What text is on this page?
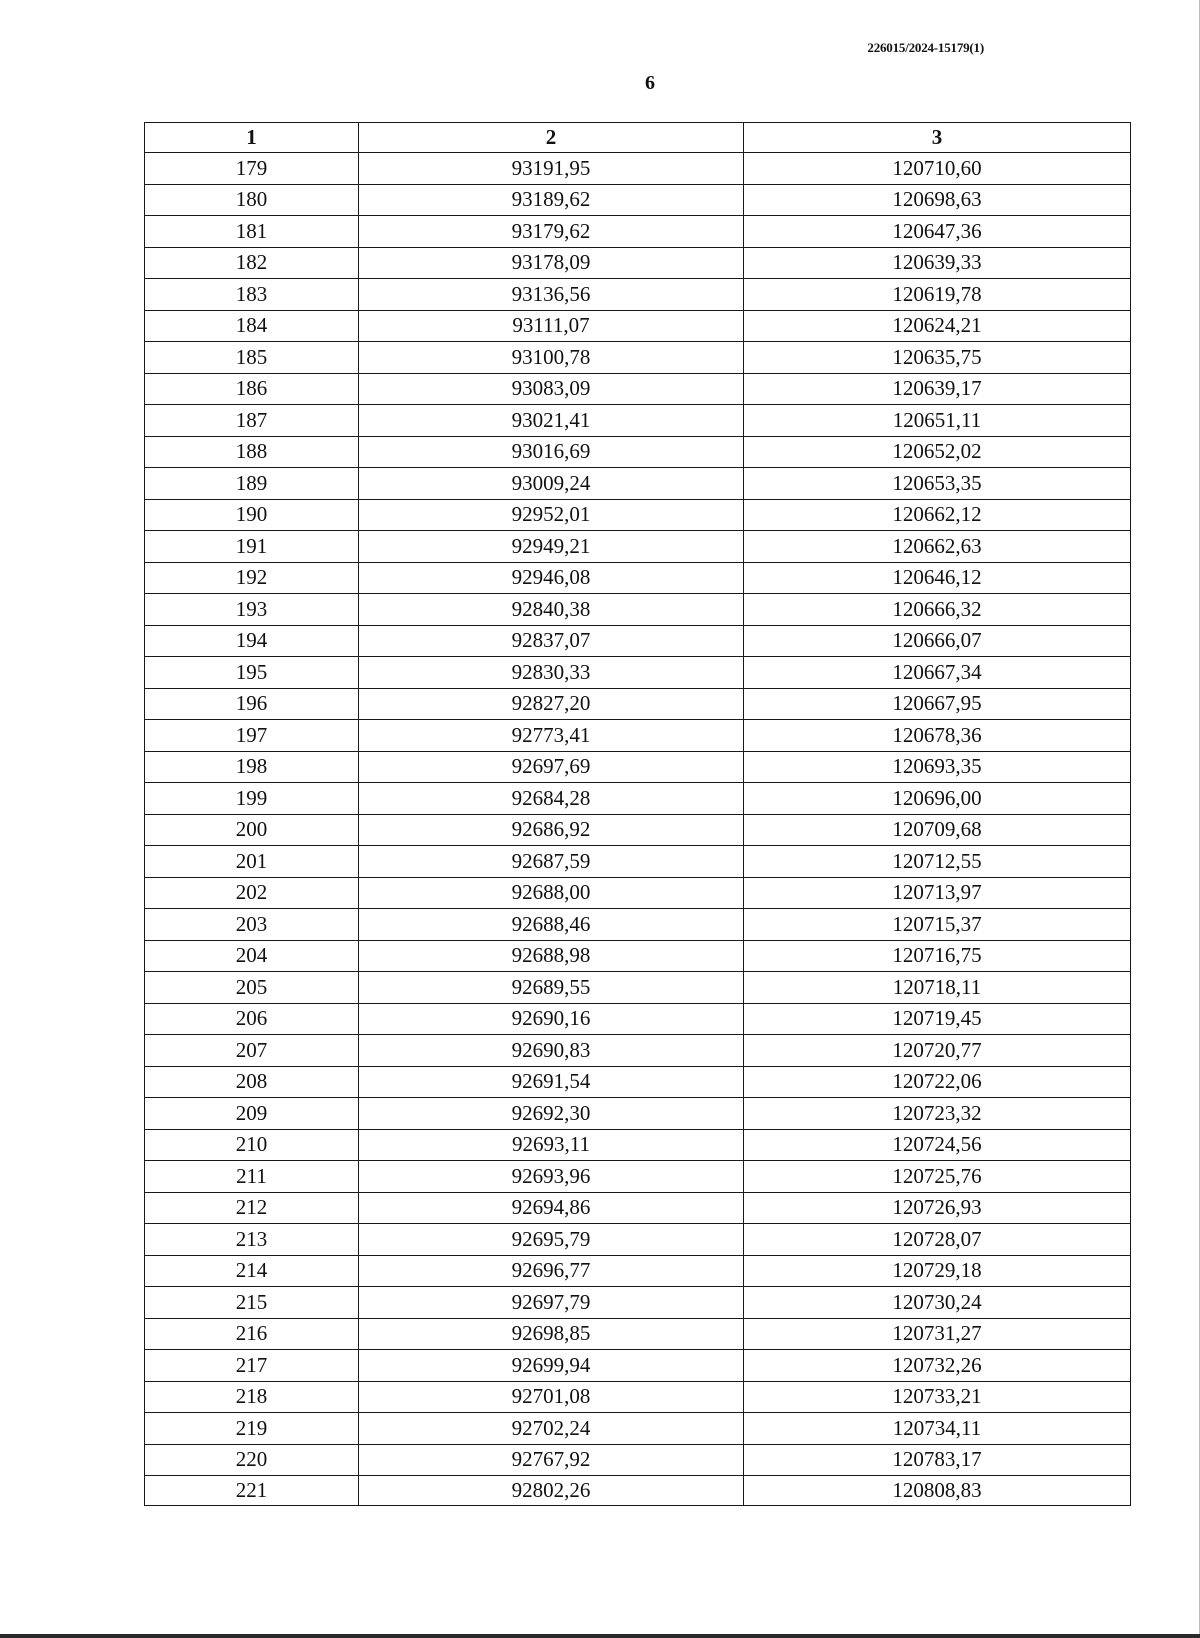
226015/2024-15179(1)
6
1	2	3
179	93191,95	120710,60
180	93189,62	120698,63
181	93179,62	120647,36
182	93178,09	120639,33
183	93136,56	120619,78
184	93111,07	120624,21
185	93100,78	120635,75
186	93083,09	120639,17
187	93021,41	120651,11
188	93016,69	120652,02
189	93009,24	120653,35
190	92952,01	120662,12
191	92949,21	120662,63
192	92946,08	120646,12
193	92840,38	120666,32
194	92837,07	120666,07
195	92830,33	120667,34
196	92827,20	120667,95
197	92773,41	120678,36
198	92697,69	120693,35
199	92684,28	120696,00
200	92686,92	120709,68
201	92687,59	120712,55
202	92688,00	120713,97
203	92688,46	120715,37
204	92688,98	120716,75
205	92689,55	120718,11
206	92690,16	120719,45
207	92690,83	120720,77
208	92691,54	120722,06
209	92692,30	120723,32
210	92693,11	120724,56
211	92693,96	120725,76
212	92694,86	120726,93
213	92695,79	120728,07
214	92696,77	120729,18
215	92697,79	120730,24
216	92698,85	120731,27
217	92699,94	120732,26
218	92701,08	120733,21
219	92702,24	120734,11
220	92767,92	120783,17
221	92802,26	120808,83
